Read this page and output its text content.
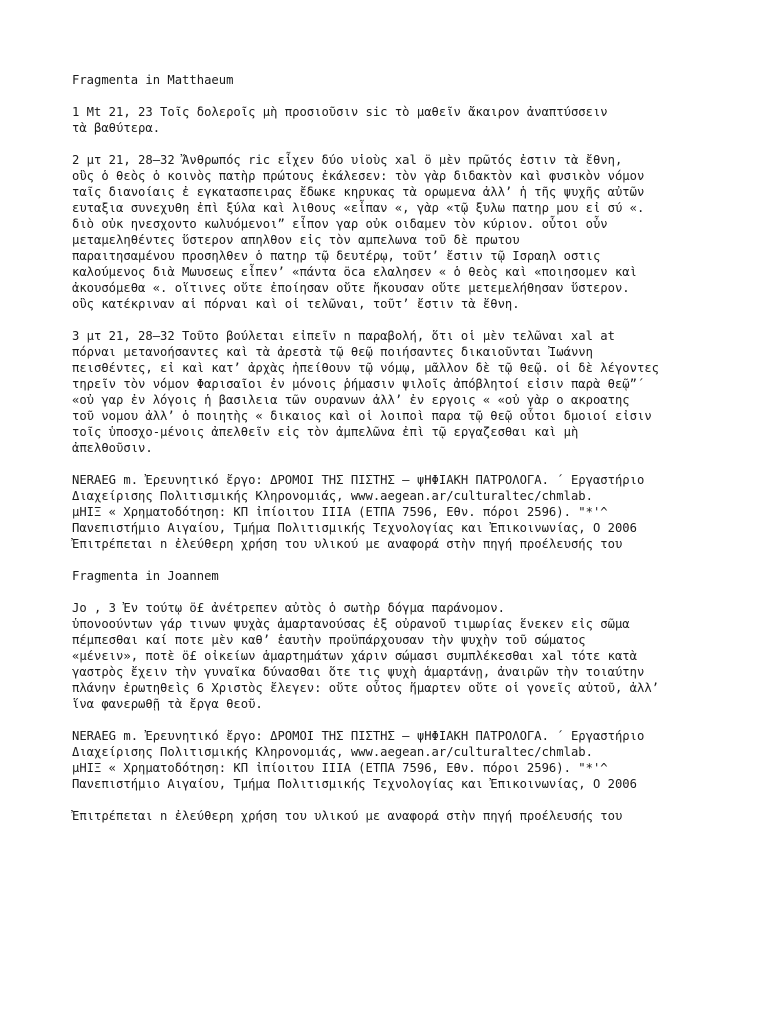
Fragmenta in Matthaeum
1 Mt 21, 23 Τοῖς δολεροῖς μὴ προσιοῦσιν sic τὸ μαθεῖν ἄκαιρον ἀναπτύσσειν
τὰ βαθύτερα.
2 μτ 21, 28—32 Ἄνθρωπός ric εἶχεν δύο υἱοὺς xal ö μὲν πρῶτός ἐστιν τὰ ἔθνη,
οὓς ὁ θεὸς ὁ κοινὸς πατὴρ πρώτους ἐκάλεσεν: τὸν γὰρ διδακτὸν καὶ φυσικὸν νόμον
ταῖς διανοίαις ἐ εγκατασπειρας ἔδωκε κηρυκας τὰ ορωμενα ἀλλ’ ἡ τῆς ψυχῆς αὐτῶν
ευταξια συνεχυθη ἐπὶ ξύλα καὶ λιθους «εἶπαν «, γὰρ «τῷ ξυλω πατηρ μου εἰ σύ «.
διὸ οὐκ ηνεσχοντο κωλυόμενοι” εἶπον γαρ οὐκ οιδαμεν τὸν κύριον. οὗτοι οὖν
μεταμεληθέντες ὕστερον απηλθον εἰς τὸν αμπελωνα τοῦ δὲ πρωτου
παραιτησαμένου προσηλθεν ὁ πατηρ τῷ δευτέρῳ, τοῦτ’ ἔστιν τῷ Ισραηλ οστις
καλούμενος διὰ Μωυσεως εἶπεν’ «πάντα öca ελαλησεν « ὁ θεὸς καὶ «ποιησομεν καὶ
ἀκουσόμεθα «. οἵτινες οὔτε ἐποίησαν οὔτε ἤκουσαν οὔτε μετεμελήθησαν ὕστερον.
οὓς κατέκριναν αἱ πόρναι καὶ οἱ τελῶναι, τοῦτ’ ἔστιν τὰ ἔθνη.
3 μτ 21, 28—32 Τοῦτο βούλεται εἰπεῖν n παραβολή, ὅτι οἱ μὲν τελῶναι xal at
πόρναι μετανοήσαντες καὶ τὰ ἀρεστὰ τῷ θεῷ ποιήσαντες δικαιοῦνται Ἰωάννη
πεισθέντες, εἰ καὶ κατ’ ἀρχὰς ἠπείθουν τῷ νόμῳ, μᾶλλον δὲ τῷ θεῷ. οἱ δὲ λέγοντες
τηρεῖν τὸν νόμον Φαρισαῖοι ἐν μόνοις ῥήμασιν ψιλοῖς ἀπόβλητοί εἰσιν παρὰ θεῷ”΄
«οὐ γαρ ἐν λόγοις ἡ βασιλεια τῶν ουρανων ἀλλ’ ἐν εργοις « «οὐ γὰρ ο ακροατης
τοῦ νομου ἀλλ’ ὁ ποιητὴς « δικαιος καὶ οἱ λοιποὶ παρα τῷ θεῷ οὗτοι δμοιοί εἰσιν
τοῖς ὑποσχο-μένοις ἀπελθεῖν εἰς τὸν ἀμπελῶνα ἐπὶ τῷ εργαζεσθαι καὶ μὴ
ἀπελθοῦσιν.
NERAEG m. Ἐρευνητικό ἔργο: ΔΡΟΜΟΙ ΤΗΣ ΠΙΣΤΗΣ — ψΗΦΙΑΚΗ ΠΑΤΡΟΛΟΓΑ. ΄ Εργαστήριο
Διαχείρισης Πολιτισμικής Κληρονομιάς, www.aegean.ar/culturaltec/chmlab.
μΗΙΞ « Χρηματοδότηση: ΚΠ ἰπίοιτου ΙΙΙΑ (ΕΤΠΑ 7596, Εθν. πόροι 2596). "*'^
Πανεπιστήμιο Αιγαίου, Τμήμα Πολιτισμικής Τεχνολογίας και Ἐπικοινωνίας, Ο 2006
Ἐπιτρέπεται n ἐλεύθερη χρήση του υλικού με αναφορά στὴν πηγή προέλευσής του
Fragmenta in Joannem
Jo , 3 Ἐν τούτῳ ö£ ἀνέτρεπεν αὐτὸς ὁ σωτὴρ δόγμα παράνομον.
ὑπονοούντων γάρ τινων ψυχὰς ἁμαρτανούσας ἐξ οὐρανοῦ τιμωρίας ἕνεκεν εἰς σῶμα
πέμπεσθαι καί ποτε μὲν καθ’ ἑαυτὴν προϋπάρχουσαν τὴν ψυχὴν τοῦ σώματος
«μένειν», ποτὲ ö£ οἰκείων ἁμαρτημάτων χάριν σώμασι συμπλέκεσθαι xal τότε κατὰ
γαστρὸς ἔχειν τὴν γυναῖκα δύνασθαι ὅτε τις ψυχὴ ἁμαρτάνῃ, ἀναιρῶν τὴν τοιαύτην
πλάνην ἐρωτηθεὶς 6 Χριστὸς ἔλεγεν: οὔτε οὗτος ἥμαρτεν οὔτε οἱ γονεῖς αὐτοῦ, ἀλλ’
ἵνα φανερωθῇ τὰ ἔργα θεοῦ.
NERAEG m. Ἐρευνητικό ἔργο: ΔΡΟΜΟΙ ΤΗΣ ΠΙΣΤΗΣ — ψΗΦΙΑΚΗ ΠΑΤΡΟΛΟΓΑ. ΄ Εργαστήριο
Διαχείρισης Πολιτισμικής Κληρονομιάς, www.aegean.ar/culturaltec/chmlab.
μΗΙΞ « Χρηματοδότηση: ΚΠ ἰπίοιτου ΙΙΙΑ (ΕΤΠΑ 7596, Εθν. πόροι 2596). "*'^
Πανεπιστήμιο Αιγαίου, Τμήμα Πολιτισμικής Τεχνολογίας και Ἐπικοινωνίας, Ο 2006
Ἐπιτρέπεται n ἐλεύθερη χρήση του υλικού με αναφορά στὴν πηγή προέλευσής του
